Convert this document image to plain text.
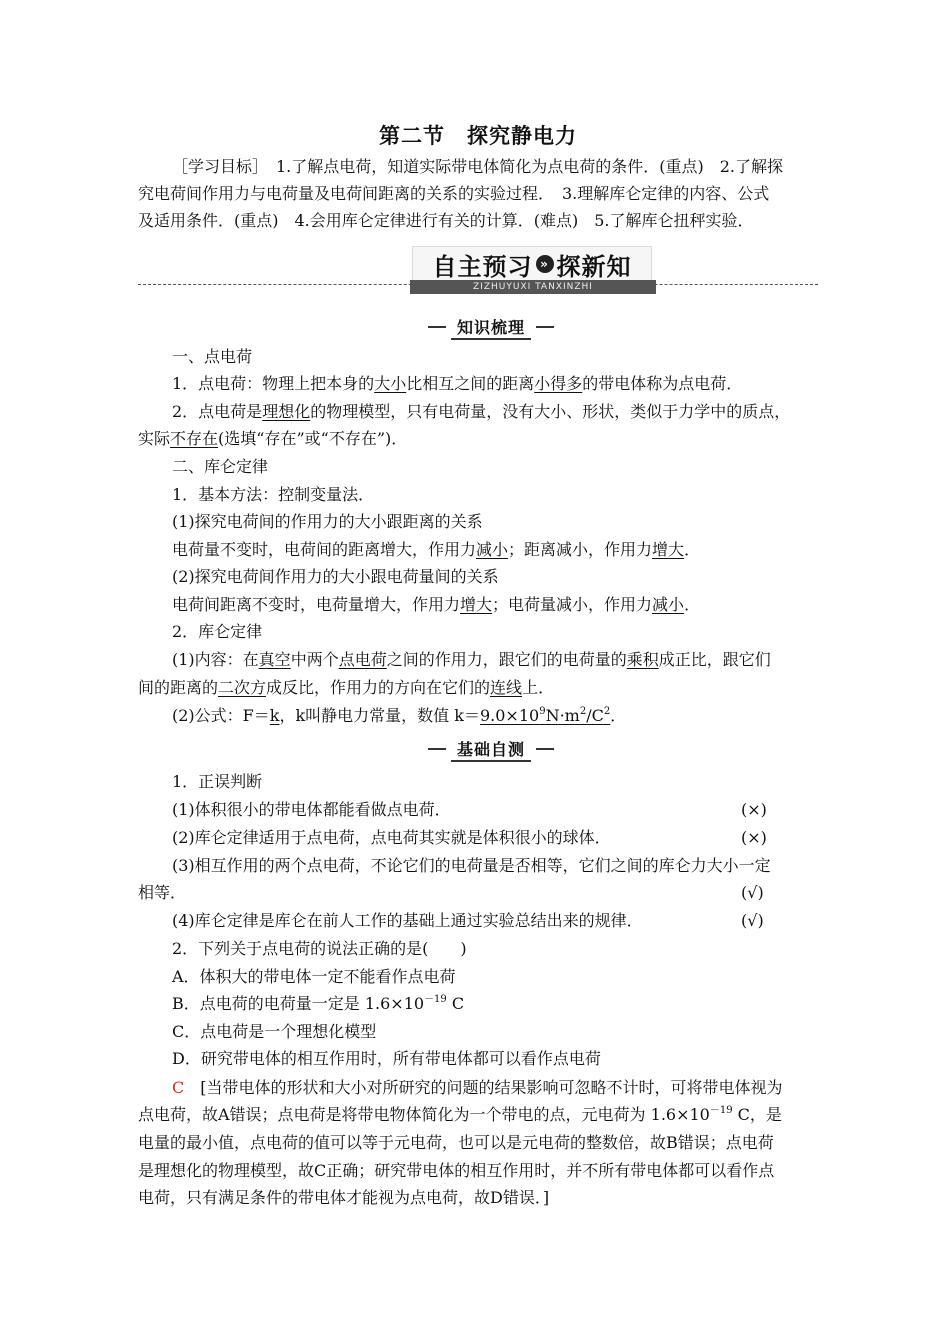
第二节　探究静电力
［学习目标］　1.了解点电荷，知道实际带电体简化为点电荷的条件．(重点)　2.了解探
究电荷间作用力与电荷量及电荷间距离的关系的实验过程．　3.理解库仑定律的内容、公式
及适用条件．(重点)　4.会用库仑定律进行有关的计算．(难点)　5.了解库仑扭秤实验．
自主预习 » 探新知
ZIZHUYUXI TANXINZHI
知识梳理
一、点电荷
1．点电荷：物理上把本身的大小比相互之间的距离小得多的带电体称为点电荷．
2．点电荷是理想化的物理模型，只有电荷量，没有大小、形状，类似于力学中的质点，
实际不存在(选填“存在”或“不存在”)．
二、库仑定律
1．基本方法：控制变量法．
(1)探究电荷间的作用力的大小跟距离的关系
电荷量不变时，电荷间的距离增大，作用力减小；距离减小，作用力增大．
(2)探究电荷间作用力的大小跟电荷量间的关系
电荷间距离不变时，电荷量增大，作用力增大；电荷量减小，作用力减小．
2．库仑定律
(1)内容：在真空中两个点电荷之间的作用力，跟它们的电荷量的乘积成正比，跟它们
间的距离的二次方成反比，作用力的方向在它们的连线上．
(2)公式：F＝k，k叫静电力常量，数值 $k=9.0\times 10^9N\cdot m^2/C^2$．
基础自测
1．正误判断
(1)体积很小的带电体都能看做点电荷．	(×)
(2)库仑定律适用于点电荷，点电荷其实就是体积很小的球体．	(×)
(3)相互作用的两个点电荷，不论它们的电荷量是否相等，它们之间的库仑力大小一定
相等．	(√)
(4)库仑定律是库仑在前人工作的基础上通过实验总结出来的规律．	(√)
2．下列关于点电荷的说法正确的是(　　)
A．体积大的带电体一定不能看作点电荷
B．点电荷的电荷量一定是 $1.6\times 10^{-19}$ C
C．点电荷是一个理想化模型
D．研究带电体的相互作用时，所有带电体都可以看作点电荷
C　[当带电体的形状和大小对所研究的问题的结果影响可忽略不计时，可将带电体视为
点电荷，故A错误；点电荷是将带电物体简化为一个带电的点，元电荷为 $1.6\times 10^{-19}$ C，是
电量的最小值，点电荷的值可以等于元电荷，也可以是元电荷的整数倍，故B错误；点电荷
是理想化的物理模型，故C正确；研究带电体的相互作用时，并不所有带电体都可以看作点
电荷，只有满足条件的带电体才能视为点电荷，故D错误．]
